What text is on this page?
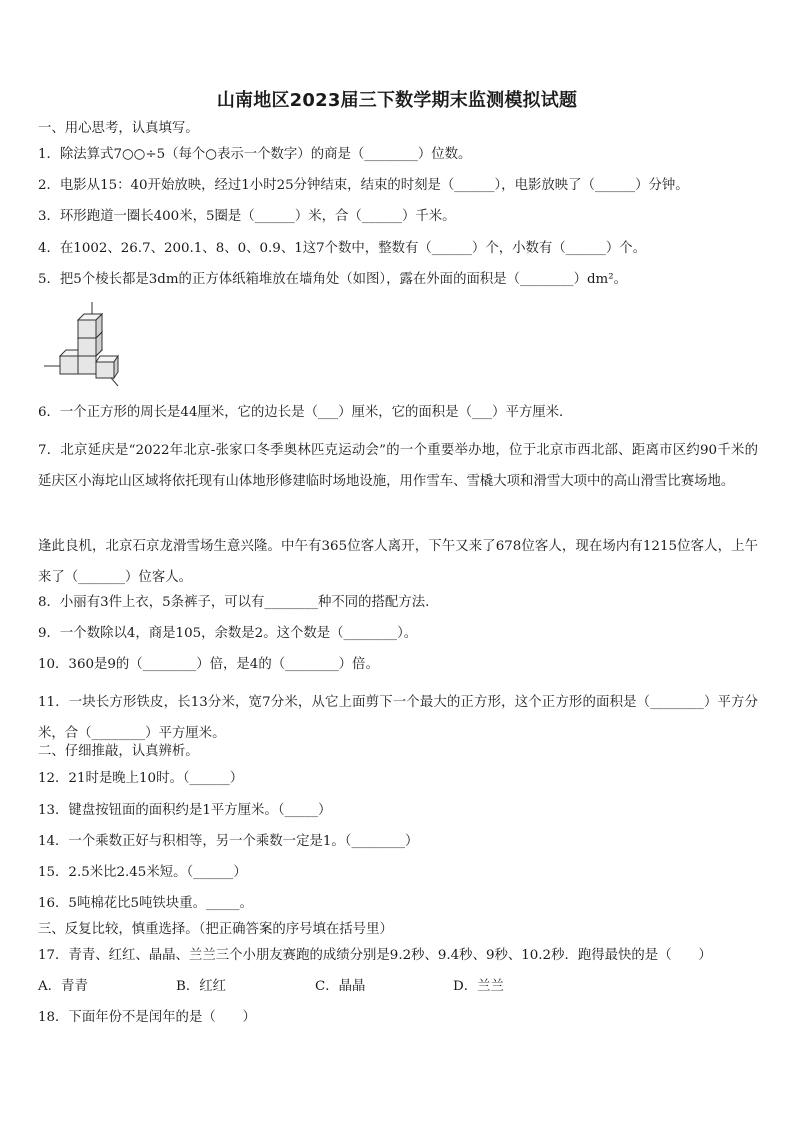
山南地区2023届三下数学期末监测模拟试题
一、用心思考，认真填写。
1．除法算式7○○÷5（每个○表示一个数字）的商是（________）位数。
2．电影从15：40开始放映，经过1小时25分钟结束，结束的时刻是（______），电影放映了（______）分钟。
3．环形跑道一圈长400米，5圈是（______）米，合（______）千米。
4．在1002、26.7、200.1、8、0、0.9、1这7个数中，整数有（______）个，小数有（______）个。
5．把5个棱长都是3dm的正方体纸箱堆放在墙角处（如图），露在外面的面积是（________）dm²。
6．一个正方形的周长是44厘米，它的边长是（___）厘米，它的面积是（___）平方厘米．
7．北京延庆是“2022年北京-张家口冬季奥林匹克运动会”的一个重要举办地，位于北京市西北部、距离市区约90千米的延庆区小海坨山区域将依托现有山体地形修建临时场地设施，用作雪车、雪橇大项和滑雪大项中的高山滑雪比赛场地。
逢此良机，北京石京龙滑雪场生意兴隆。中午有365位客人离开，下午又来了678位客人，现在场内有1215位客人，上午来了（_______）位客人。
8．小丽有3件上衣，5条裤子，可以有________种不同的搭配方法.
9．一个数除以4，商是105，余数是2。这个数是（________）。
10．360是9的（________）倍，是4的（________）倍。
11．一块长方形铁皮，长13分米，宽7分米，从它上面剪下一个最大的正方形，这个正方形的面积是（________）平方分米，合（________）平方厘米。
二、仔细推敲，认真辨析。
12．21时是晚上10时。（______）
13．键盘按钮面的面积约是1平方厘米。（_____）
14．一个乘数正好与积相等，另一个乘数一定是1。（________）
15．2.5米比2.45米短。（______）
16．5吨棉花比5吨铁块重。_____。
三、反复比较，慎重选择。（把正确答案的序号填在括号里）
17．青青、红红、晶晶、兰兰三个小朋友赛跑的成绩分别是9.2秒、9.4秒、9秒、10.2秒．跑得最快的是（　　）
A．青青	B．红红	C．晶晶	D．兰兰
18．下面年份不是闰年的是（　　）
